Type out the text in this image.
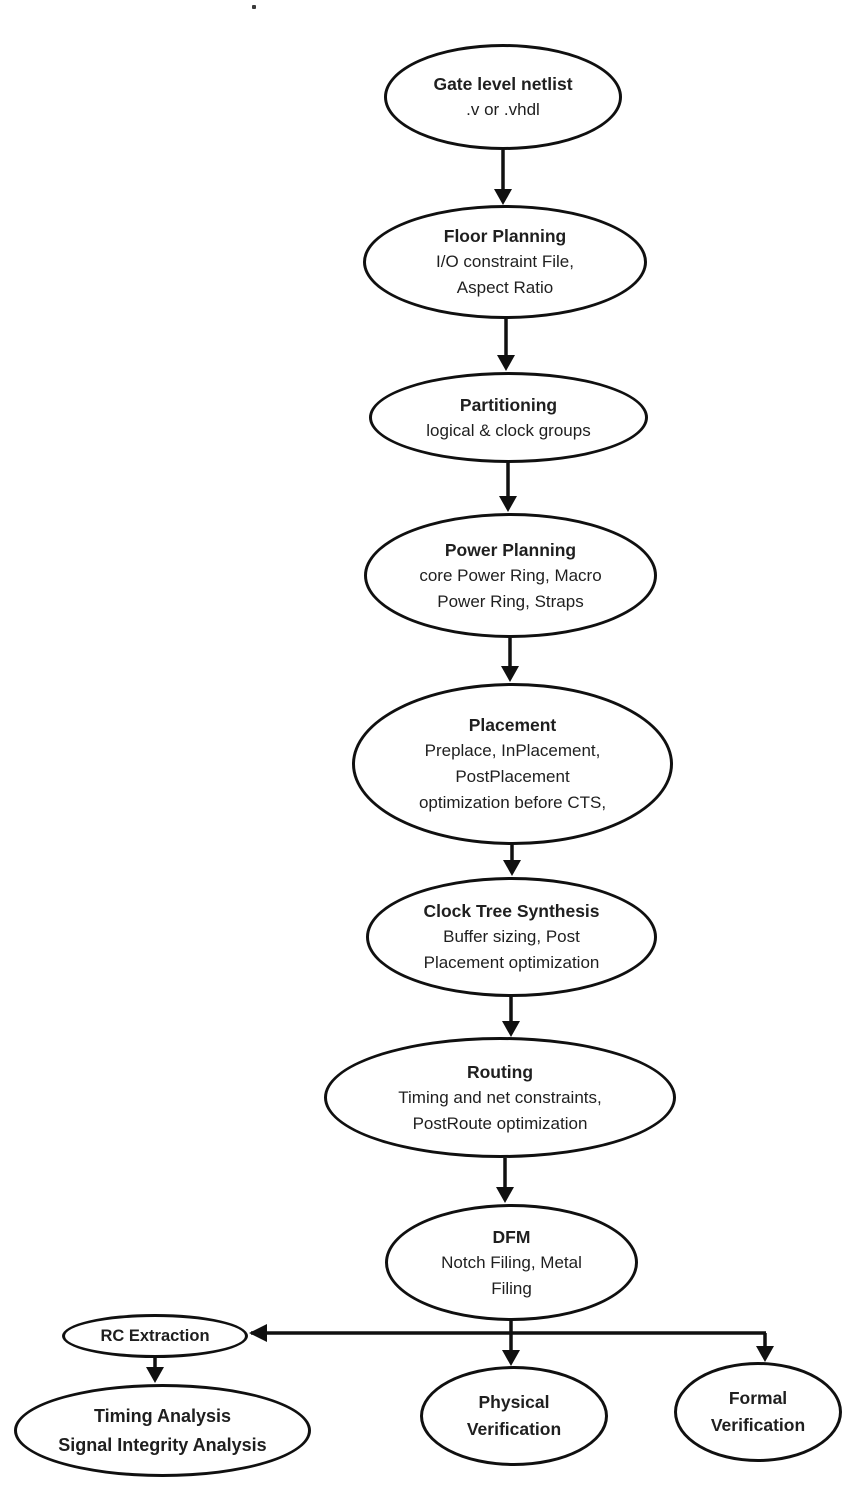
Gate level netlist
.v or .vhdl
Floor Planning
I/O constraint File,
Aspect Ratio
Partitioning
logical & clock groups
Power Planning
core Power Ring, Macro
Power Ring, Straps
Placement
Preplace, InPlacement,
PostPlacement
optimization before CTS,
Clock Tree Synthesis
Buffer sizing, Post
Placement optimization
Routing
Timing and net constraints,
PostRoute optimization
DFM
Notch Filing, Metal
Filing
RC Extraction
Timing Analysis
Signal Integrity Analysis
Physical
Verification
Formal
Verification
